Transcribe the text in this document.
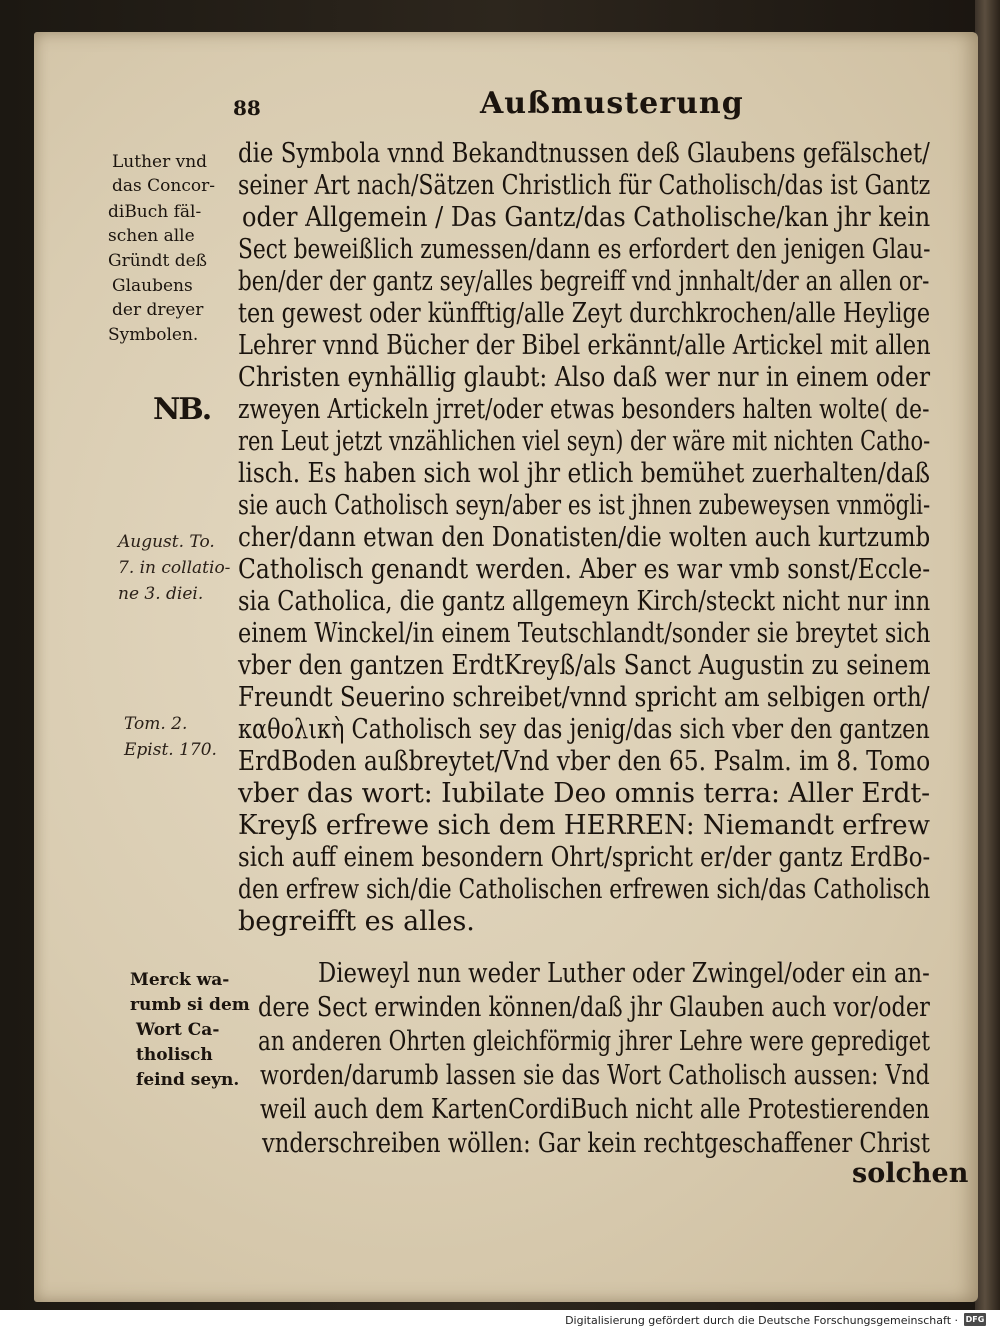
88	Außmusterung
die Symbola vnnd Bekandtnussen deß Glaubens gefälschet/
seiner Art nach/Sätzen Christlich für Catholisch/das ist Gantz
oder Allgemein / Das Gantz/das Catholische/kan jhr kein
Sect beweißlich zumessen/dann es erfordert den jenigen Glau-
ben/der der gantz sey/alles begreiff vnd jnnhalt/der an allen or-
ten gewest oder künfftig/alle Zeyt durchkrochen/alle Heylige
Lehrer vnnd Bücher der Bibel erkännt/alle Artickel mit allen
Christen eynhällig glaubt: Also daß wer nur in einem oder
zweyen Artickeln jrret/oder etwas besonders halten wolte( de-
ren Leut jetzt vnzählichen viel seyn) der wäre mit nichten Catho-
lisch. Es haben sich wol jhr etlich bemühet zuerhalten/daß
sie auch Catholisch seyn/aber es ist jhnen zubeweysen vnmögli-
cher/dann etwan den Donatisten/die wolten auch kurtzumb
Catholisch genandt werden. Aber es war vmb sonst/Eccle-
sia Catholica, die gantz allgemeyn Kirch/steckt nicht nur inn
einem Winckel/in einem Teutschlandt/sonder sie breytet sich
vber den gantzen ErdtKreyß/als Sanct Augustin zu seinem
Freundt Seuerino schreibet/vnnd spricht am selbigen orth/
καθολικὴ Catholisch sey das jenig/das sich vber den gantzen
ErdBoden außbreytet/Vnd vber den 65. Psalm. im 8. Tomo
vber das wort: Iubilate Deo omnis terra: Aller Erdt-
Kreyß erfrewe sich dem HERREN: Niemandt erfrew
sich auff einem besondern Ohrt/spricht er/der gantz ErdBo-
den erfrew sich/die Catholischen erfrewen sich/das Catholisch
begreifft es alles.
Dieweyl nun weder Luther oder Zwingel/oder ein an-
dere Sect erwinden können/daß jhr Glauben auch vor/oder
an anderen Ohrten gleichförmig jhrer Lehre were geprediget
worden/darumb lassen sie das Wort Catholisch aussen: Vnd
weil auch dem KartenCordiBuch nicht alle Protestierenden
vnderschreiben wöllen: Gar kein rechtgeschaffener Christ
solchen
Luther vnd
das Concor-
diBuch fäl-
schen alle
Gründt deß
Glaubens
der dreyer
Symbolen.
NB.
August. To.
7. in collatio-
ne 3. diei.
Tom. 2.
Epist. 170.
Merck wa-
rumb si dem
Wort Ca-
tholisch
feind seyn.
Digitalisierung gefördert durch die Deutsche Forschungsgemeinschaft · DFG
